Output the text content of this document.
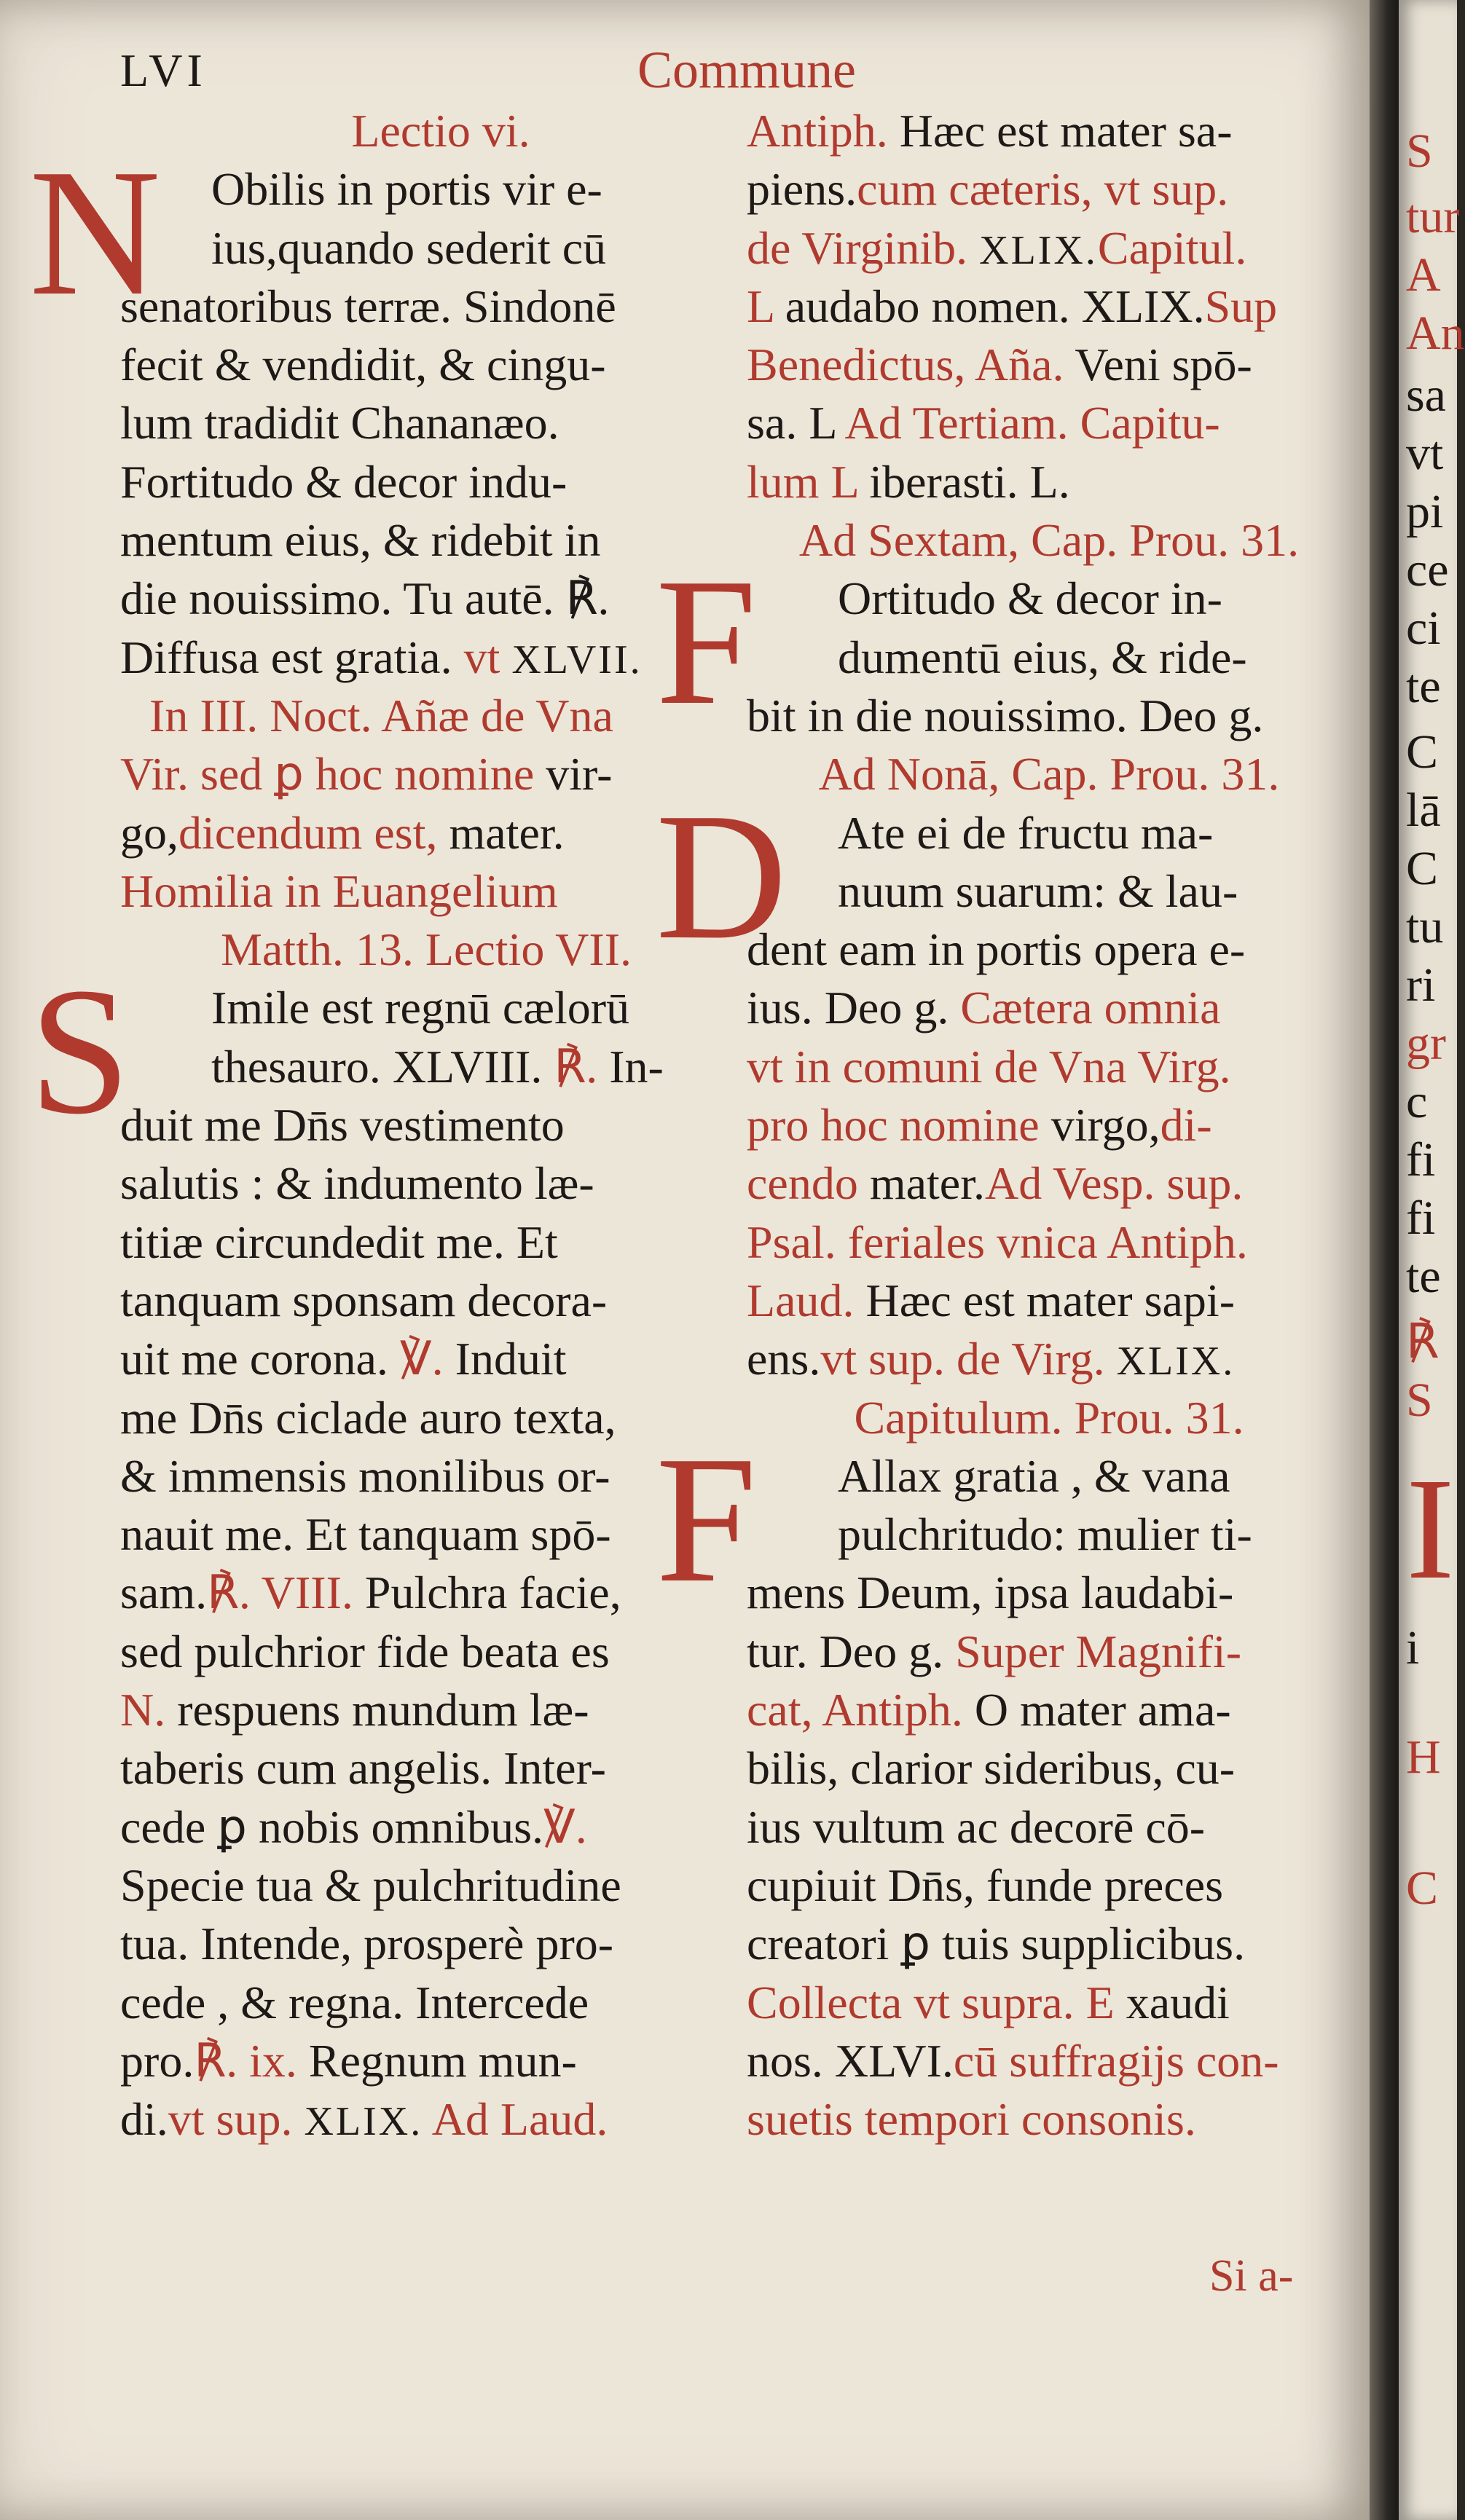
LVI	Commune
Lectio vi.
N	Obilis in portis vir e-
ius,quando sederit cū
senatoribus terræ. Sindonē
fecit & vendidit, & cingu-
lum tradidit Chananæo.
Fortitudo & decor indu-
mentum eius, & ridebit in
die nouissimo. Tu autē. ℟.
Diffusa est gratia. vt XLVII.
In III. Noct. Añæ de Vna
Vir. sed ꝑ hoc nomine vir-
go,dicendum est, mater.
Homilia in Euangelium
Matth. 13. Lectio VII.
S	Imile est regnū cælorū
thesauro. XLVIII. ℟. In-
duit me Dn̄s vestimento
salutis : & indumento læ-
titiæ circundedit me. Et
tanquam sponsam decora-
uit me corona. ℣. Induit
me Dn̄s ciclade auro texta,
& immensis monilibus or-
nauit me. Et tanquam spō-
sam.℟. VIII. Pulchra facie,
sed pulchrior fide beata es
N. respuens mundum læ-
taberis cum angelis. Inter-
cede ꝑ nobis omnibus.℣.
Specie tua & pulchritudine
tua. Intende, prosperè pro-
cede , & regna. Intercede
pro.℟. ix. Regnum mun-
di.vt sup. XLIX. Ad Laud.
Antiph. Hæc est mater sa-
piens.cum cæteris, vt sup.
de Virginib. XLIX.Capitul.
L audabo nomen. XLIX.Sup
Benedictus, Aña. Veni spō-
sa. L Ad Tertiam. Capitu-
lum L iberasti. L.
Ad Sextam, Cap. Prou. 31.
F	Ortitudo & decor in-
dumentū eius, & ride-
bit in die nouissimo. Deo g.
Ad Nonā, Cap. Prou. 31.
D	Ate ei de fructu ma-
nuum suarum: & lau-
dent eam in portis opera e-
ius. Deo g. Cætera omnia
vt in comuni de Vna Virg.
pro hoc nomine virgo,di-
cendo mater.Ad Vesp. sup.
Psal. feriales vnica Antiph.
Laud. Hæc est mater sapi-
ens.vt sup. de Virg. XLIX.
Capitulum. Prou. 31.
F	Allax gratia , & vana
pulchritudo: mulier ti-
mens Deum, ipsa laudabi-
tur. Deo g. Super Magnifi-
cat, Antiph. O mater ama-
bilis, clarior sideribus, cu-
ius vultum ac decorē cō-
cupiuit Dn̄s, funde preces
creatori ꝑ tuis supplicibus.
Collecta vt supra. E xaudi
nos. XLVI.cū suffragijs con-
suetis tempori consonis.
Si a-
S
tur
A
An
sa
vt
pi
ce
ci
te
C
lā
C
tu
ri
gr
c
fi
fi
te
℟
S
I
i
H
C
